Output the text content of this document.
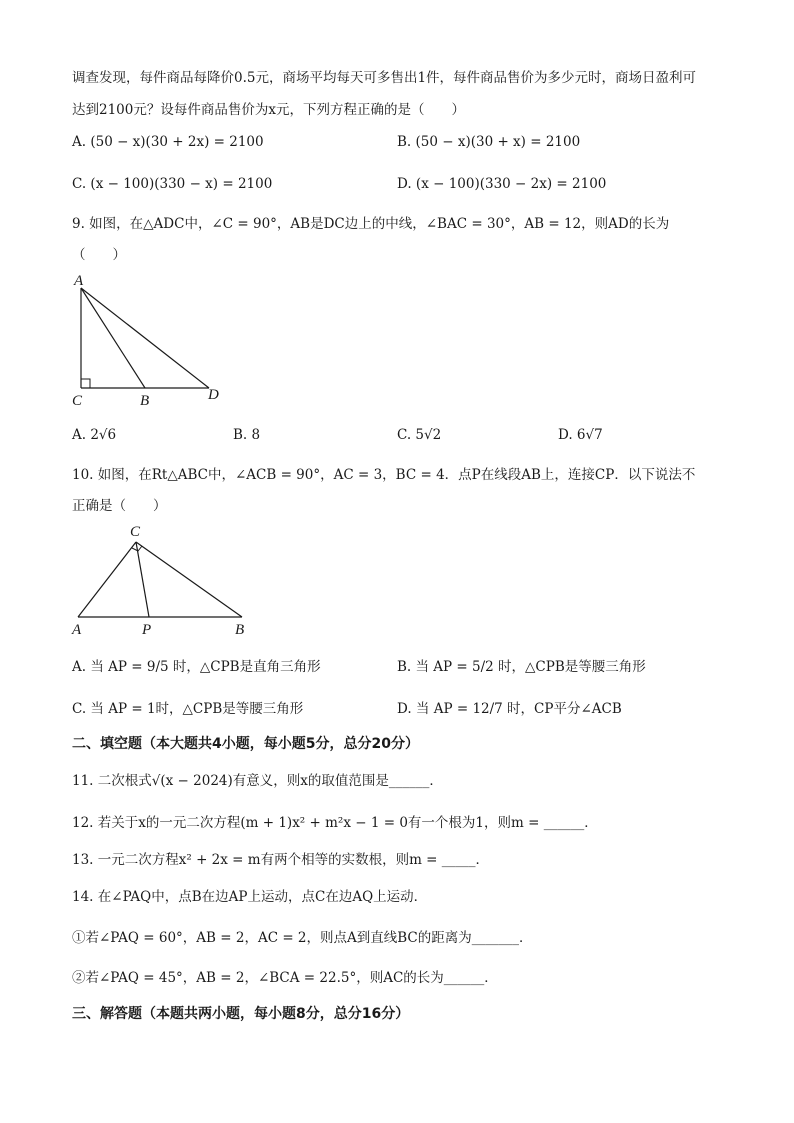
调查发现，每件商品每降价0.5元，商场平均每天可多售出1件，每件商品售价为多少元时，商场日盈利可
达到2100元？设每件商品售价为x元，下列方程正确的是（　　）
A. (50 − x)(30 + 2x) = 2100	B. (50 − x)(30 + x) = 2100
C. (x − 100)(330 − x) = 2100	D. (x − 100)(330 − 2x) = 2100
9. 如图，在△ADC中，∠C = 90°，AB是DC边上的中线，∠BAC = 30°，AB = 12，则AD的长为
（　　）
A
C	B	D
A. 2√6	B. 8	C. 5√2	D. 6√7
10. 如图，在Rt△ABC中，∠ACB = 90°，AC = 3，BC = 4．点P在线段AB上，连接CP．以下说法不
正确是（　　）
C
A	P	B
A. 当 AP = 9/5 时，△CPB是直角三角形	B. 当 AP = 5/2 时，△CPB是等腰三角形
C. 当 AP = 1时，△CPB是等腰三角形	D. 当 AP = 12/7 时，CP平分∠ACB
二、填空题（本大题共4小题，每小题5分，总分20分）
11. 二次根式√(x − 2024)有意义，则x的取值范围是______．
12. 若关于x的一元二次方程(m + 1)x² + m²x − 1 = 0有一个根为1，则m = ______．
13. 一元二次方程x² + 2x = m有两个相等的实数根，则m = _____．
14. 在∠PAQ中，点B在边AP上运动，点C在边AQ上运动．
①若∠PAQ = 60°，AB = 2，AC = 2，则点A到直线BC的距离为_______．
②若∠PAQ = 45°，AB = 2，∠BCA = 22.5°，则AC的长为______．
三、解答题（本题共两小题，每小题8分，总分16分）
